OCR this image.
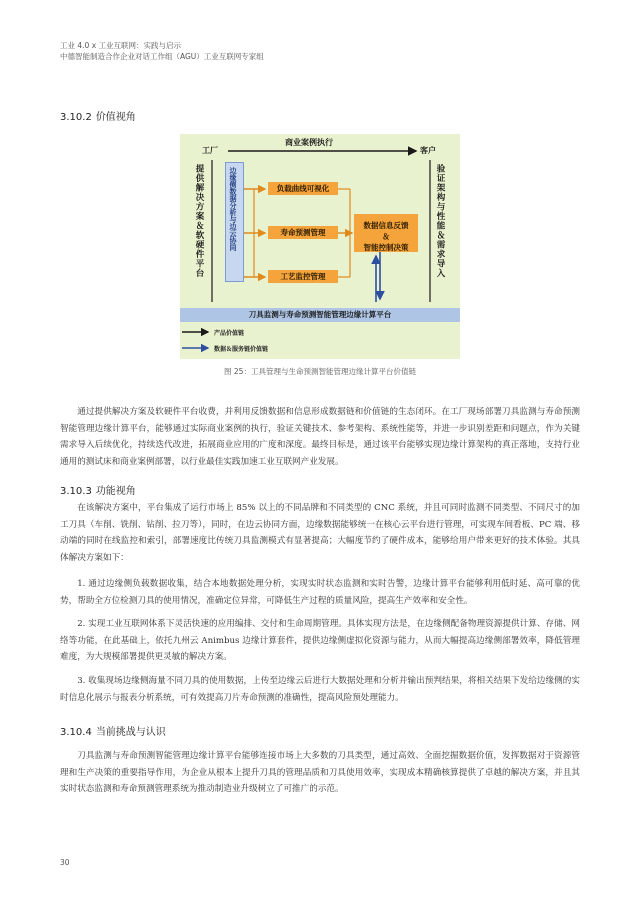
工业 4.0 x 工业互联网：实践与启示
中德智能制造合作企业对话工作组（AGU）工业互联网专家组
3.10.2 价值视角
工厂	客户
商业案例执行
提供解决方案＆软硬件平台	边缘侧数据分析与边云协同	负载曲线可视化
寿命预测管理
工艺监控管理
数据信息反馈
＆
智能控制决策	验证架构与性能＆需求导入
刀具监测与寿命预测智能管理边缘计算平台
产品价值链
数据＆服务链价值链
图 25：工具管理与生命预测智能管理边缘计算平台价值链

通过提供解决方案及软硬件平台收费，并利用反馈数据和信息形成数据链和价值链的生态闭环。在工厂现场部署刀具监测与寿命预测智能管理边缘计算平台，能够通过实际商业案例的执行，验证关键技术、参考架构、系统性能等，并进一步识别差距和问题点，作为关键需求导入后续优化，持续迭代改进，拓展商业应用的广度和深度。最终目标是，通过该平台能够实现边缘计算架构的真正落地，支持行业通用的测试床和商业案例部署，以行业最佳实践加速工业互联网产业发展。

3.10.3 功能视角

在该解决方案中，平台集成了运行市场上 85% 以上的不同品牌和不同类型的 CNC 系统，并且可同时监测不同类型、不同尺寸的加工刀具（车削、铣削、钻削、拉刀等），同时，在边云协同方面，边缘数据能够统一在核心云平台进行管理，可实现车间看板、PC 端、移动端的同时在线监控和索引，部署速度比传统刀具监测模式有显著提高；大幅度节约了硬件成本，能够给用户带来更好的技术体验。其具体解决方案如下：

1. 通过边缘侧负载数据收集，结合本地数据处理分析，实现实时状态监测和实时告警，边缘计算平台能够利用低时延、高可靠的优势，帮助全方位检测刀具的使用情况，准确定位异常，可降低生产过程的质量风险，提高生产效率和安全性。

2. 实现工业互联网体系下灵活快速的应用编排、交付和生命周期管理。具体实现方法是，在边缘侧配备物理资源提供计算、存储、网络等功能，在此基础上，依托九州云 Animbus 边缘计算套件，提供边缘侧虚拟化资源与能力，从而大幅提高边缘侧部署效率，降低管理难度，为大规模部署提供更灵敏的解决方案。

3. 收集现场边缘侧海量不同刀具的使用数据，上传至边缘云后进行大数据处理和分析并输出预判结果，将相关结果下发给边缘侧的实时信息化展示与报表分析系统，可有效提高刀片寿命预测的准确性，提高风险预处理能力。

3.10.4 当前挑战与认识

刀具监测与寿命预测智能管理边缘计算平台能够连接市场上大多数的刀具类型，通过高效、全面挖掘数据价值，发挥数据对于资源管理和生产决策的重要指导作用，为企业从根本上提升刀具的管理品质和刀具使用效率，实现成本精确核算提供了卓越的解决方案，并且其实时状态监测和寿命预测管理系统为推动制造业升级树立了可推广的示范。

30
